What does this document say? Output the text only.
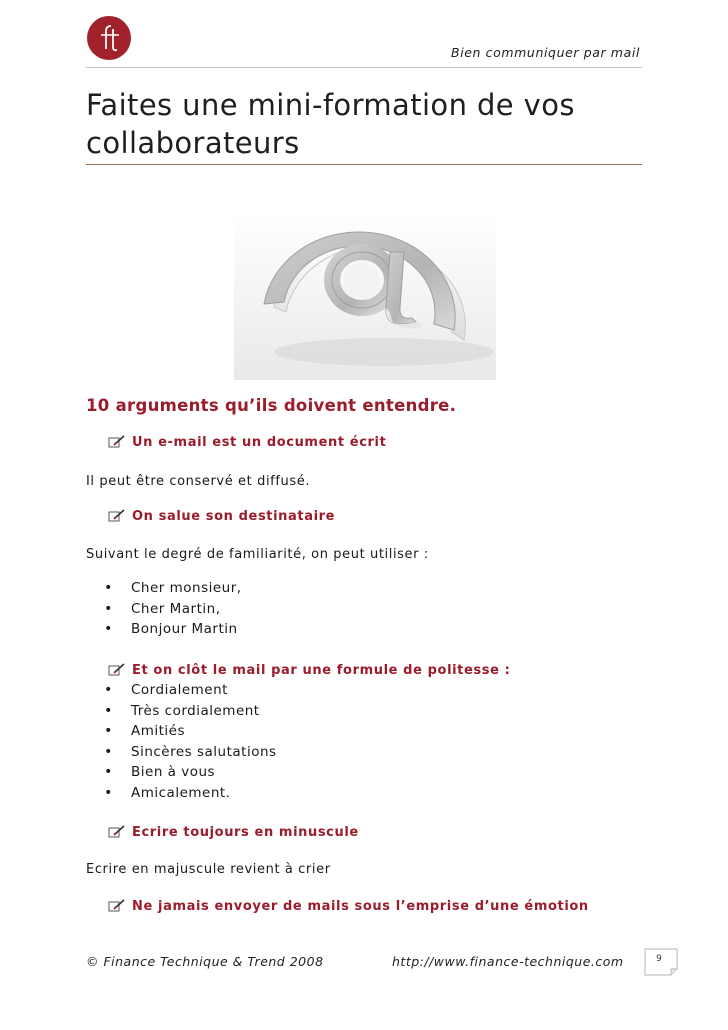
Bien communiquer par mail
Faites une mini-formation de vos collaborateurs
10 arguments qu’ils doivent entendre.
Un e-mail est un document écrit
Il peut être conservé et diffusé.
On salue son destinataire
Suivant le degré de familiarité, on peut utiliser :
•Cher monsieur,
•Cher Martin,
•Bonjour Martin
Et on clôt le mail par une formule de politesse :
•Cordialement
•Très cordialement
•Amitiés
•Sincères salutations
•Bien à vous
•Amicalement.
Ecrire toujours en minuscule
Ecrire en majuscule revient à crier
Ne jamais envoyer de mails sous l’emprise d’une émotion
© Finance Technique & Trend 2008	http://www.finance-technique.com	9
